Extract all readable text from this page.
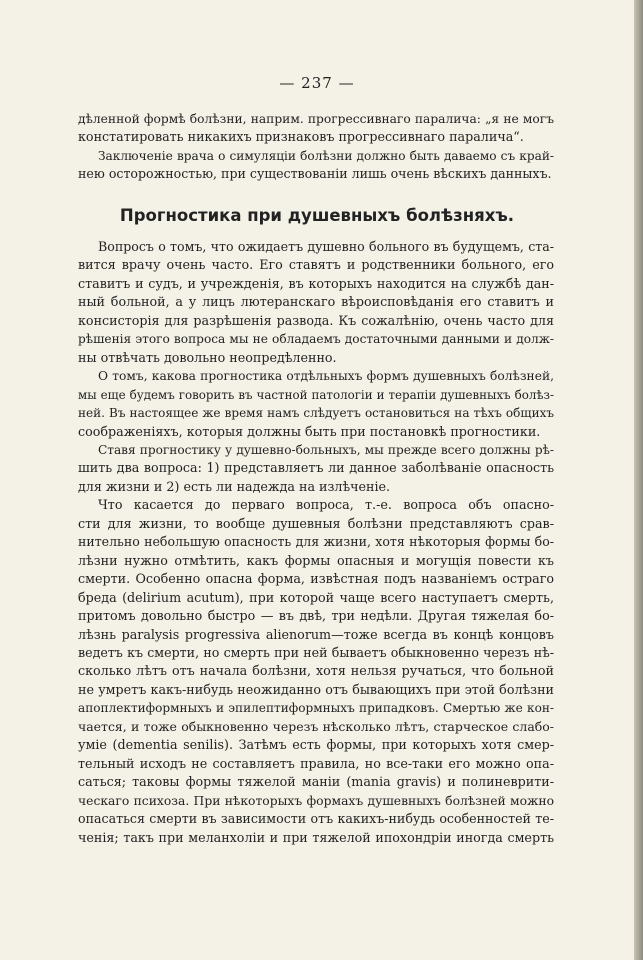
— 237 —

дѣленной формѣ болѣзни, наприм. прогрессивнаго паралича: „я не могъ
констатировать никакихъ признаковъ прогрессивнаго паралича“.

Заключеніе врача о симуляціи болѣзни должно быть даваемо съ край-
нею осторожностью, при существованіи лишь очень вѣскихъ данныхъ.

Прогностика при душевныхъ болѣзняхъ.

Вопросъ о томъ, что ожидаетъ душевно больного въ будущемъ, ста-
вится врачу очень часто. Его ставятъ и родственники больного, его
ставитъ и судъ, и учрежденія, въ которыхъ находится на службѣ дан-
ный больной, а у лицъ лютеранскаго вѣроисповѣданія его ставитъ и
консисторія для разрѣшенія развода. Къ сожалѣнію, очень часто для
рѣшенія этого вопроса мы не обладаемъ достаточными данными и долж-
ны отвѣчать довольно неопредѣленно.

О томъ, какова прогностика отдѣльныхъ формъ душевныхъ болѣзней,
мы еще будемъ говорить въ частной патологіи и терапіи душевныхъ болѣз-
ней. Въ настоящее же время намъ слѣдуетъ остановиться на тѣхъ общихъ
соображеніяхъ, которыя должны быть при постановкѣ прогностики.

Ставя прогностику у душевно-больныхъ, мы прежде всего должны рѣ-
шить два вопроса: 1) представляетъ ли данное заболѣваніе опасность
для жизни и 2) есть ли надежда на излѣченіе.

Что касается до перваго вопроса, т.-е. вопроса объ опасно-
сти для жизни, то вообще душевныя болѣзни представляютъ срав-
нительно небольшую опасность для жизни, хотя нѣкоторыя формы бо-
лѣзни нужно отмѣтить, какъ формы опасныя и могущія повести къ
смерти. Особенно опасна форма, извѣстная подъ названіемъ остраго
бреда (delirium acutum), при которой чаще всего наступаетъ смерть,
притомъ довольно быстро — въ двѣ, три недѣли. Другая тяжелая бо-
лѣзнь paralysis progressiva alienorum—тоже всегда въ концѣ концовъ
ведетъ къ смерти, но смерть при ней бываетъ обыкновенно черезъ нѣ-
сколько лѣтъ отъ начала болѣзни, хотя нельзя ручаться, что больной
не умретъ какъ-нибудь неожиданно отъ бывающихъ при этой болѣзни
апоплектиформныхъ и эпилептиформныхъ припадковъ. Смертью же кон-
чается, и тоже обыкновенно черезъ нѣсколько лѣтъ, старческое слабо-
уміе (dementia senilis). Затѣмъ есть формы, при которыхъ хотя смер-
тельный исходъ не составляетъ правила, но все-таки его можно опа-
саться; таковы формы тяжелой маніи (mania gravis) и полиневрити-
ческаго психоза. При нѣкоторыхъ формахъ душевныхъ болѣзней можно
опасаться смерти въ зависимости отъ какихъ-нибудь особенностей те-
ченія; такъ при меланхоліи и при тяжелой ипохондріи иногда смерть
